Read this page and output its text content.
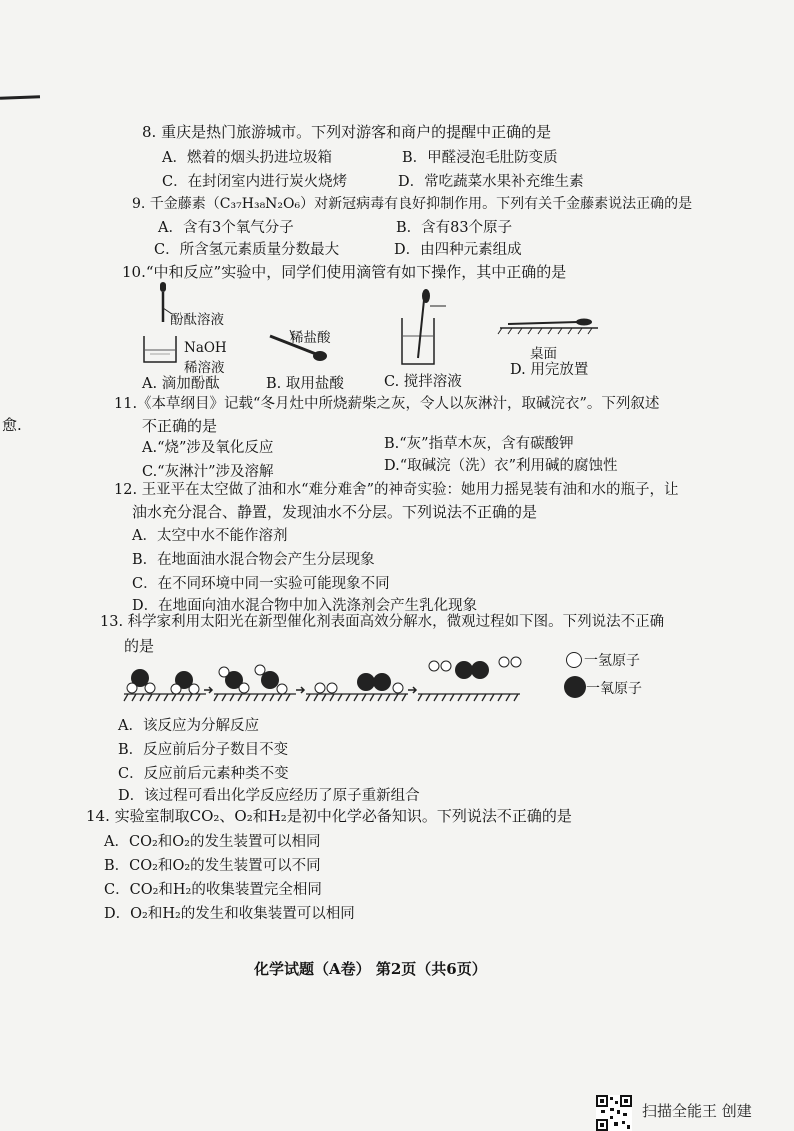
愈.
8. 重庆是热门旅游城市。下列对游客和商户的提醒中正确的是
A．燃着的烟头扔进垃圾箱	B．甲醛浸泡毛肚防变质
C．在封闭室内进行炭火烧烤	D．常吃蔬菜水果补充维生素
9. 千金藤素（C₃₇H₃₈N₂O₆）对新冠病毒有良好抑制作用。下列有关千金藤素说法正确的是
A．含有3个氧气分子	B．含有83个原子
C．所含氢元素质量分数最大	D．由四种元素组成
10.“中和反应”实验中，同学们使用滴管有如下操作，其中正确的是
酚酞溶液
NaOH
稀溶液
稀盐酸
桌面
A. 滴加酚酞	B. 取用盐酸	C. 搅拌溶液
D. 用完放置
11.《本草纲目》记载“冬月灶中所烧薪柴之灰，令人以灰淋汁，取碱浣衣”。下列叙述
不正确的是
A.“烧”涉及氧化反应	B.“灰”指草木灰，含有碳酸钾
C.“灰淋汁”涉及溶解	D.“取碱浣（洗）衣”利用碱的腐蚀性
12. 王亚平在太空做了油和水“难分难舍”的神奇实验：她用力摇晃装有油和水的瓶子，让
油水充分混合、静置，发现油水不分层。下列说法不正确的是
A．太空中水不能作溶剂
B．在地面油水混合物会产生分层现象
C．在不同环境中同一实验可能现象不同
D．在地面向油水混合物中加入洗涤剂会产生乳化现象
13. 科学家利用太阳光在新型催化剂表面高效分解水，微观过程如下图。下列说法不正确
的是
一氢原子
一氧原子
A．该反应为分解反应
B．反应前后分子数目不变
C．反应前后元素种类不变
D．该过程可看出化学反应经历了原子重新组合
14. 实验室制取CO₂、O₂和H₂是初中化学必备知识。下列说法不正确的是
A．CO₂和O₂的发生装置可以相同
B．CO₂和O₂的发生装置可以不同
C．CO₂和H₂的收集装置完全相同
D．O₂和H₂的发生和收集装置可以相同
化学试题（A卷） 第2页（共6页）
扫描全能王 创建
